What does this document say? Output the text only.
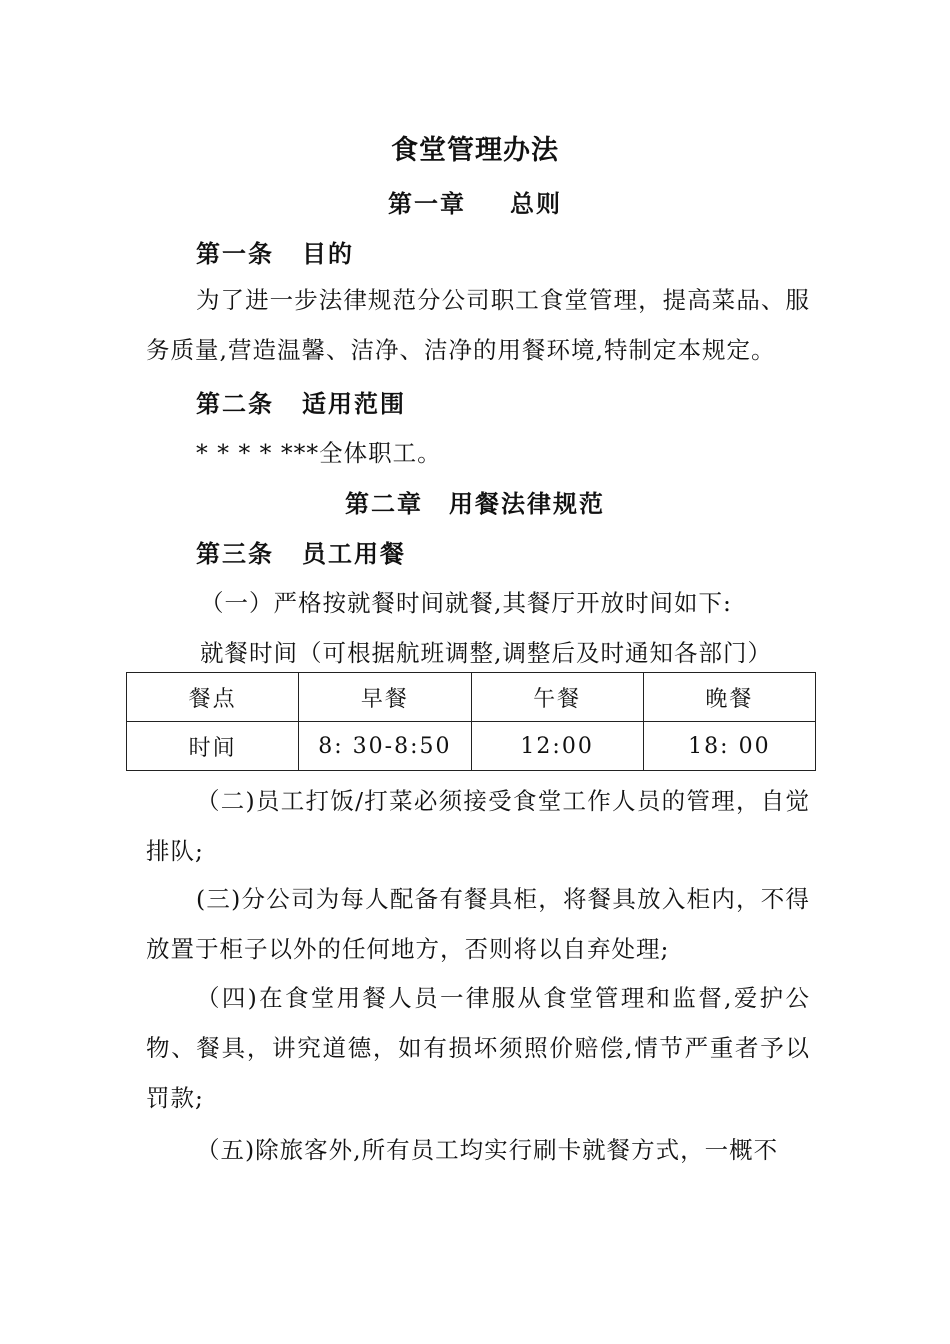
食堂管理办法
第一章 总则
第一条 目的
为了进一步法律规范分公司职工食堂管理，提高菜品、服务质量,营造温馨、洁净、洁净的用餐环境,特制定本规定。
第二条 适用范围
* * * * ***全体职工。
第二章 用餐法律规范
第三条 员工用餐
（一）严格按就餐时间就餐,其餐厅开放时间如下:
就餐时间（可根据航班调整,调整后及时通知各部门）
餐点	早餐	午餐	晚餐
时间	8: 30-8:50	12:00	18: 00
（二)员工打饭/打菜必须接受食堂工作人员的管理，自觉排队;
(三)分公司为每人配备有餐具柜，将餐具放入柜内，不得放置于柜子以外的任何地方，否则将以自弃处理;
（四)在食堂用餐人员一律服从食堂管理和监督,爱护公物、餐具，讲究道德，如有损坏须照价赔偿,情节严重者予以罚款;
（五)除旅客外,所有员工均实行刷卡就餐方式，一概不
